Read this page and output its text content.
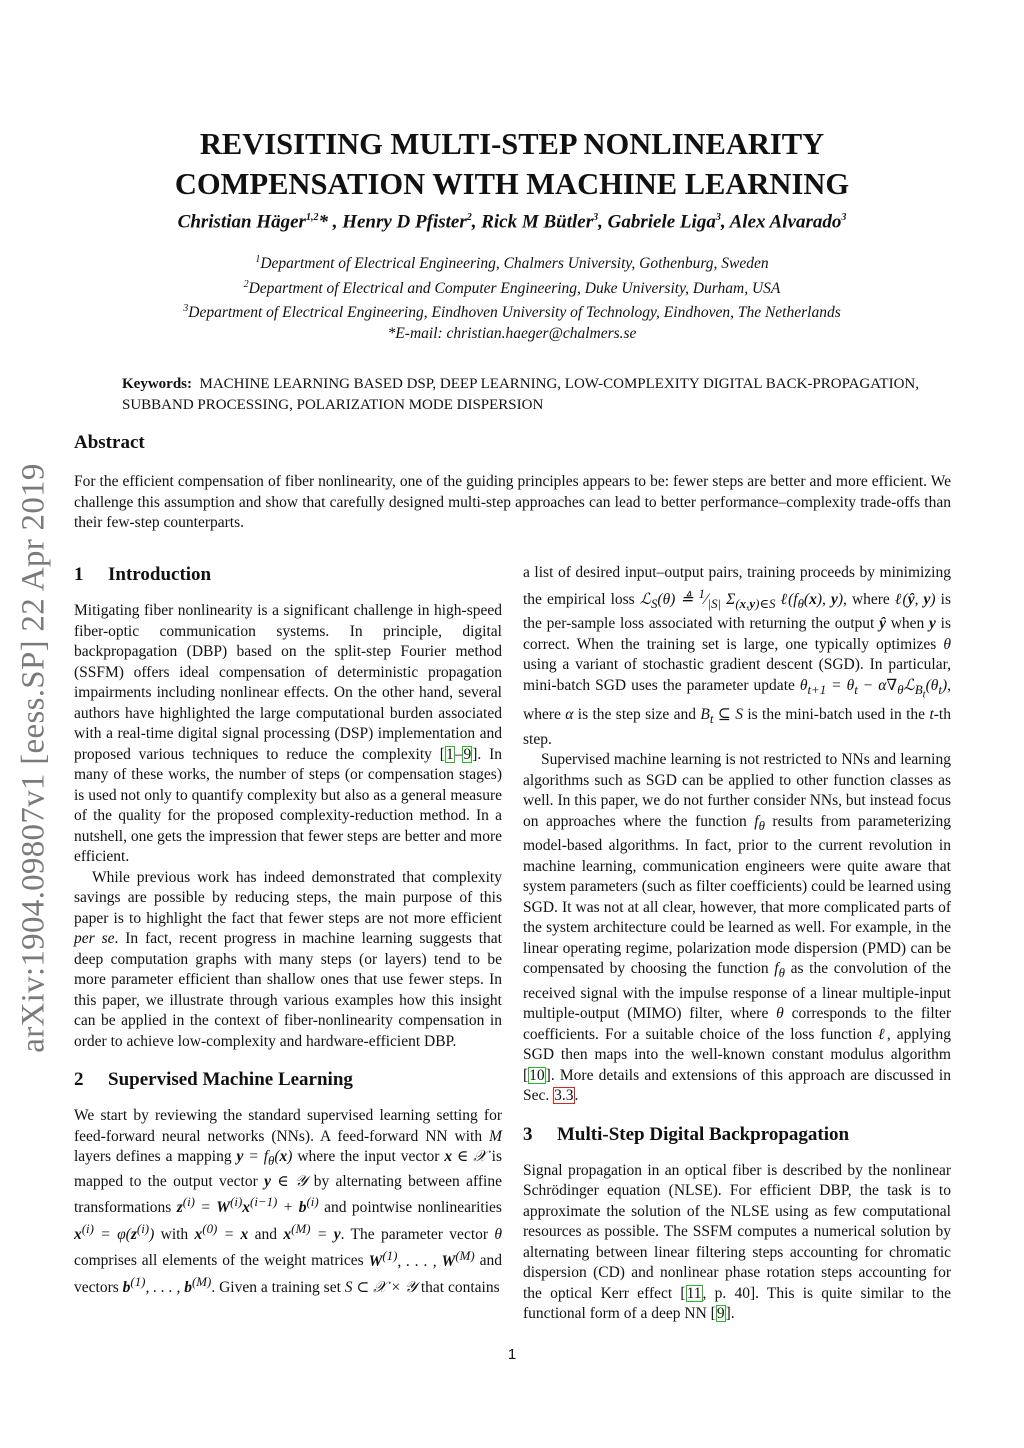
arXiv:1904.09807v1 [eess.SP] 22 Apr 2019
REVISITING MULTI-STEP NONLINEARITY
COMPENSATION WITH MACHINE LEARNING
Christian Häger$^{1,2}$* , Henry D Pfister$^2$, Rick M Bütler$^3$, Gabriele Liga$^3$, Alex Alvarado$^3$
$^1$Department of Electrical Engineering, Chalmers University, Gothenburg, Sweden
$^2$Department of Electrical and Computer Engineering, Duke University, Durham, USA
$^3$Department of Electrical Engineering, Eindhoven University of Technology, Eindhoven, The Netherlands
*E-mail: christian.haeger@chalmers.se
Keywords: MACHINE LEARNING BASED DSP, DEEP LEARNING, LOW-COMPLEXITY DIGITAL BACK-PROPAGATION, SUBBAND PROCESSING, POLARIZATION MODE DISPERSION
Abstract
For the efficient compensation of fiber nonlinearity, one of the guiding principles appears to be: fewer steps are better and more efficient. We challenge this assumption and show that carefully designed multi-step approaches can lead to better performance–complexity trade-offs than their few-step counterparts.
1 Introduction

Mitigating fiber nonlinearity is a significant challenge in high-speed fiber-optic communication systems. In principle, digital backpropagation (DBP) based on the split-step Fourier method (SSFM) offers ideal compensation of deterministic propagation impairments including nonlinear effects. On the other hand, several authors have highlighted the large computational burden associated with a real-time digital signal processing (DSP) implementation and proposed various techniques to reduce the complexity [1–9]. In many of these works, the number of steps (or compensation stages) is used not only to quantify complexity but also as a general measure of the quality for the proposed complexity-reduction method. In a nutshell, one gets the impression that fewer steps are better and more efficient.

While previous work has indeed demonstrated that complexity savings are possible by reducing steps, the main purpose of this paper is to highlight the fact that fewer steps are not more efficient per se. In fact, recent progress in machine learning suggests that deep computation graphs with many steps (or layers) tend to be more parameter efficient than shallow ones that use fewer steps. In this paper, we illustrate through various examples how this insight can be applied in the context of fiber-nonlinearity compensation in order to achieve low-complexity and hardware-efficient DBP.

2 Supervised Machine Learning

We start by reviewing the standard supervised learning setting for feed-forward neural networks (NNs). A feed-forward NN with M layers defines a mapping $y = f_\theta(x)$ where the input vector x ∈ 𝒳 is mapped to the output vector y ∈ 𝒴 by alternating between affine transformations $z^{(i)} = W^{(i)}x^{(i-1)} + b^{(i)}$ and pointwise nonlinearities $x^{(i)} = \varphi(z^{(i)})$ with $x^{(0)} = x$ and $x^{(M)} = y$. The parameter vector θ comprises all elements of the weight matrices $W^{(1)}$, . . . , $W^{(M)}$ and vectors $b^{(1)}$, . . . , $b^{(M)}$. Given a training set S ⊂ 𝒳 × 𝒴 that contains

a list of desired input–output pairs, training proceeds by minimizing the empirical loss ℒ$_S$(θ) ≜ $^1⁄_{|S|}$ $\Sigma_{(x,y)\in S}$ $\ell(f_\theta(x)$, y), where ℓ(ŷ, y) is the per-sample loss associated with returning the output ŷ when y is correct. When the training set is large, one typically optimizes θ using a variant of stochastic gradient descent (SGD). In particular, mini-batch SGD uses the parameter update $\theta_{t+1} = \theta_t$ − $\alpha\nabla_\theta ℒ_{B_t}(\theta_t)$, where α is the step size and $B_t$ ⊆ S is the mini-batch used in the t-th step.

Supervised machine learning is not restricted to NNs and learning algorithms such as SGD can be applied to other function classes as well. In this paper, we do not further consider NNs, but instead focus on approaches where the function $f_\theta$ results from parameterizing model-based algorithms. In fact, prior to the current revolution in machine learning, communication engineers were quite aware that system parameters (such as filter coefficients) could be learned using SGD. It was not at all clear, however, that more complicated parts of the system architecture could be learned as well. For example, in the linear operating regime, polarization mode dispersion (PMD) can be compensated by choosing the function $f_\theta$ as the convolution of the received signal with the impulse response of a linear multiple-input multiple-output (MIMO) filter, where θ corresponds to the filter coefficients. For a suitable choice of the loss function ℓ, applying SGD then maps into the well-known constant modulus algorithm [10]. More details and extensions of this approach are discussed in Sec. 3.3.

3 Multi-Step Digital Backpropagation

Signal propagation in an optical fiber is described by the nonlinear Schrödinger equation (NLSE). For efficient DBP, the task is to approximate the solution of the NLSE using as few computational resources as possible. The SSFM computes a numerical solution by alternating between linear filtering steps accounting for chromatic dispersion (CD) and nonlinear phase rotation steps accounting for the optical Kerr effect [11, p. 40]. This is quite similar to the functional form of a deep NN [9].

1
